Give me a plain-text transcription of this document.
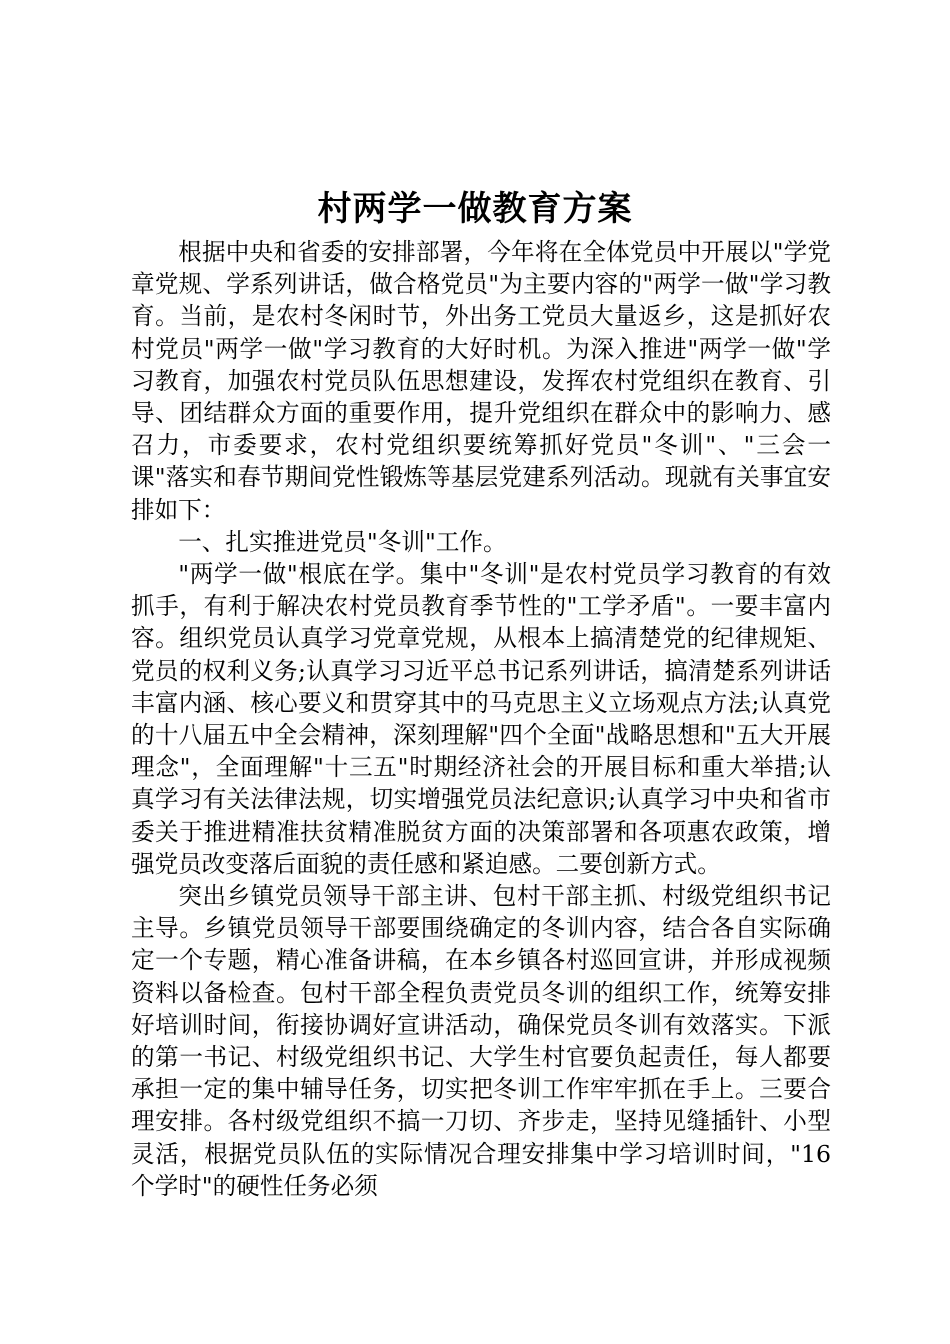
村两学一做教育方案

根据中央和省委的安排部署，今年将在全体党员中开展以"学党章党规、学系列讲话，做合格党员"为主要内容的"两学一做"学习教育。当前，是农村冬闲时节，外出务工党员大量返乡，这是抓好农村党员"两学一做"学习教育的大好时机。为深入推进"两学一做"学习教育，加强农村党员队伍思想建设，发挥农村党组织在教育、引导、团结群众方面的重要作用，提升党组织在群众中的影响力、感召力，市委要求，农村党组织要统筹抓好党员"冬训"、"三会一课"落实和春节期间党性锻炼等基层党建系列活动。现就有关事宜安排如下：

一、扎实推进党员"冬训"工作。

"两学一做"根底在学。集中"冬训"是农村党员学习教育的有效抓手，有利于解决农村党员教育季节性的"工学矛盾"。一要丰富内容。组织党员认真学习党章党规，从根本上搞清楚党的纪律规矩、党员的权利义务;认真学习习近平总书记系列讲话，搞清楚系列讲话丰富内涵、核心要义和贯穿其中的马克思主义立场观点方法;认真党的十八届五中全会精神，深刻理解"四个全面"战略思想和"五大开展理念"，全面理解"十三五"时期经济社会的开展目标和重大举措;认真学习有关法律法规，切实增强党员法纪意识;认真学习中央和省市委关于推进精准扶贫精准脱贫方面的决策部署和各项惠农政策，增强党员改变落后面貌的责任感和紧迫感。二要创新方式。

突出乡镇党员领导干部主讲、包村干部主抓、村级党组织书记主导。乡镇党员领导干部要围绕确定的冬训内容，结合各自实际确定一个专题，精心准备讲稿，在本乡镇各村巡回宣讲，并形成视频资料以备检查。包村干部全程负责党员冬训的组织工作，统筹安排好培训时间，衔接协调好宣讲活动，确保党员冬训有效落实。下派的第一书记、村级党组织书记、大学生村官要负起责任，每人都要承担一定的集中辅导任务，切实把冬训工作牢牢抓在手上。三要合理安排。各村级党组织不搞一刀切、齐步走，坚持见缝插针、小型灵活，根据党员队伍的实际情况合理安排集中学习培训时间，"16个学时"的硬性任务必须
